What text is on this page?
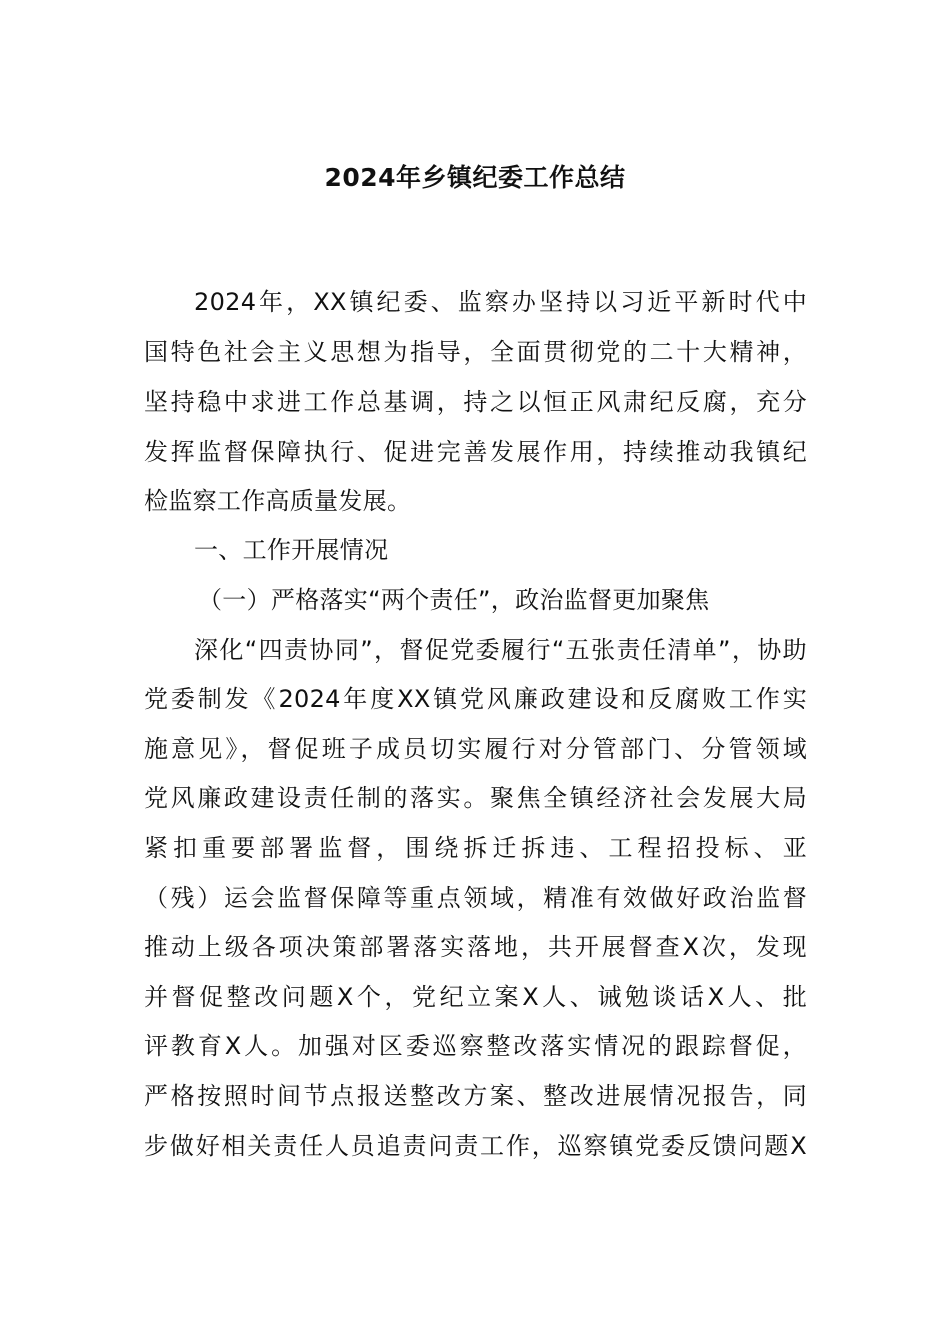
2024年乡镇纪委工作总结
2024年，XX镇纪委、监察办坚持以习近平新时代中
国特色社会主义思想为指导，全面贯彻党的二十大精神，
坚持稳中求进工作总基调，持之以恒正风肃纪反腐，充分
发挥监督保障执行、促进完善发展作用，持续推动我镇纪
检监察工作高质量发展。
一、工作开展情况
（一）严格落实“两个责任”，政治监督更加聚焦
深化“四责协同”，督促党委履行“五张责任清单”，协助
党委制发《2024年度XX镇党风廉政建设和反腐败工作实
施意见》，督促班子成员切实履行对分管部门、分管领域
党风廉政建设责任制的落实。聚焦全镇经济社会发展大局
紧扣重要部署监督，围绕拆迁拆违、工程招投标、亚
（残）运会监督保障等重点领域，精准有效做好政治监督
推动上级各项决策部署落实落地，共开展督查X次，发现
并督促整改问题X个，党纪立案X人、诫勉谈话X人、批
评教育X人。加强对区委巡察整改落实情况的跟踪督促，
严格按照时间节点报送整改方案、整改进展情况报告，同
步做好相关责任人员追责问责工作，巡察镇党委反馈问题X
